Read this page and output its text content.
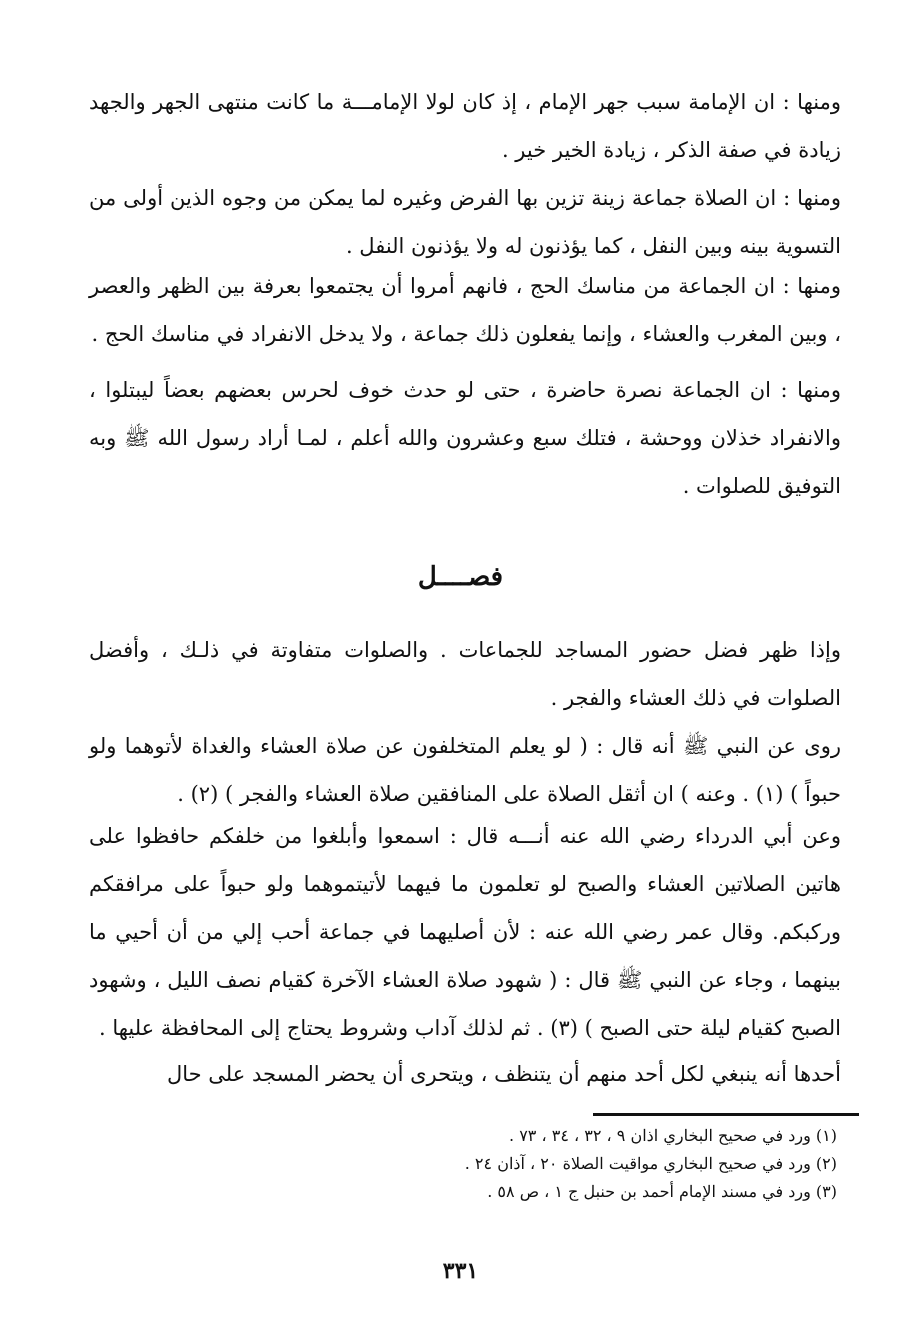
ومنها : ان الإمامة سبب جهر الإمام ، إذ كان لولا الإمامـــة ما كانت منتهى الجهر والجهد زيادة في صفة الذكر ، زيادة الخير خير .

ومنها : ان الصلاة جماعة زينة تزين بها الفرض وغيره لما يمكن من وجوه الذين أولى من التسوية بينه وبين النفل ، كما يؤذنون له ولا يؤذنون النفل .

ومنها : ان الجماعة من مناسك الحج ، فانهم أمروا أن يجتمعوا بعرفة بين الظهر والعصر ، وبين المغرب والعشاء ، وإنما يفعلون ذلك جماعة ، ولا يدخل الانفراد في مناسك الحج .

ومنها : ان الجماعة نصرة حاضرة ، حتى لو حدث خوف لحرس بعضهم بعضاً ليبتلوا ، والانفراد خذلان ووحشة ، فتلك سبع وعشرون والله أعلم ، لمـا أراد رسول الله ﷺ وبه التوفيق للصلوات .

فصــــل

وإذا ظهر فضل حضور المساجد للجماعات . والصلوات متفاوتة في ذلـك ، وأفضل الصلوات في ذلك العشاء والفجر .

روى عن النبي ﷺ أنه قال : ( لو يعلم المتخلفون عن صلاة العشاء والغداة لأتوهما ولو حبواً ) (١) . وعنه ) ان أثقل الصلاة على المنافقين صلاة العشاء والفجر ) (٢) .

وعن أبي الدرداء رضي الله عنه أنـــه قال : اسمعوا وأبلغوا من خلفكم حافظوا على هاتين الصلاتين العشاء والصبح لو تعلمون ما فيهما لأتيتموهما ولو حبواً على مرافقكم وركبكم. وقال عمر رضي الله عنه : لأن أصليهما في جماعة أحب إلي من أن أحيي ما بينهما ، وجاء عن النبي ﷺ قال : ( شهود صلاة العشاء الآخرة كقيام نصف الليل ، وشهود الصبح كقيام ليلة حتى الصبح ) (٣) . ثم لذلك آداب وشروط يحتاج إلى المحافظة عليها .

أحدها أنه ينبغي لكل أحد منهم أن يتنظف ، ويتحرى أن يحضر المسجد على حال

(١) ورد في صحيح البخاري اذان ٩ ، ٣٢ ، ٣٤ ، ٧٣ .
(٢) ورد في صحيح البخاري مواقيت الصلاة ٢٠ ، آذان ٢٤ .
(٣) ورد في مسند الإمام أحمد بن حنبل ج ١ ، ص ٥٨ .
٣٣١
